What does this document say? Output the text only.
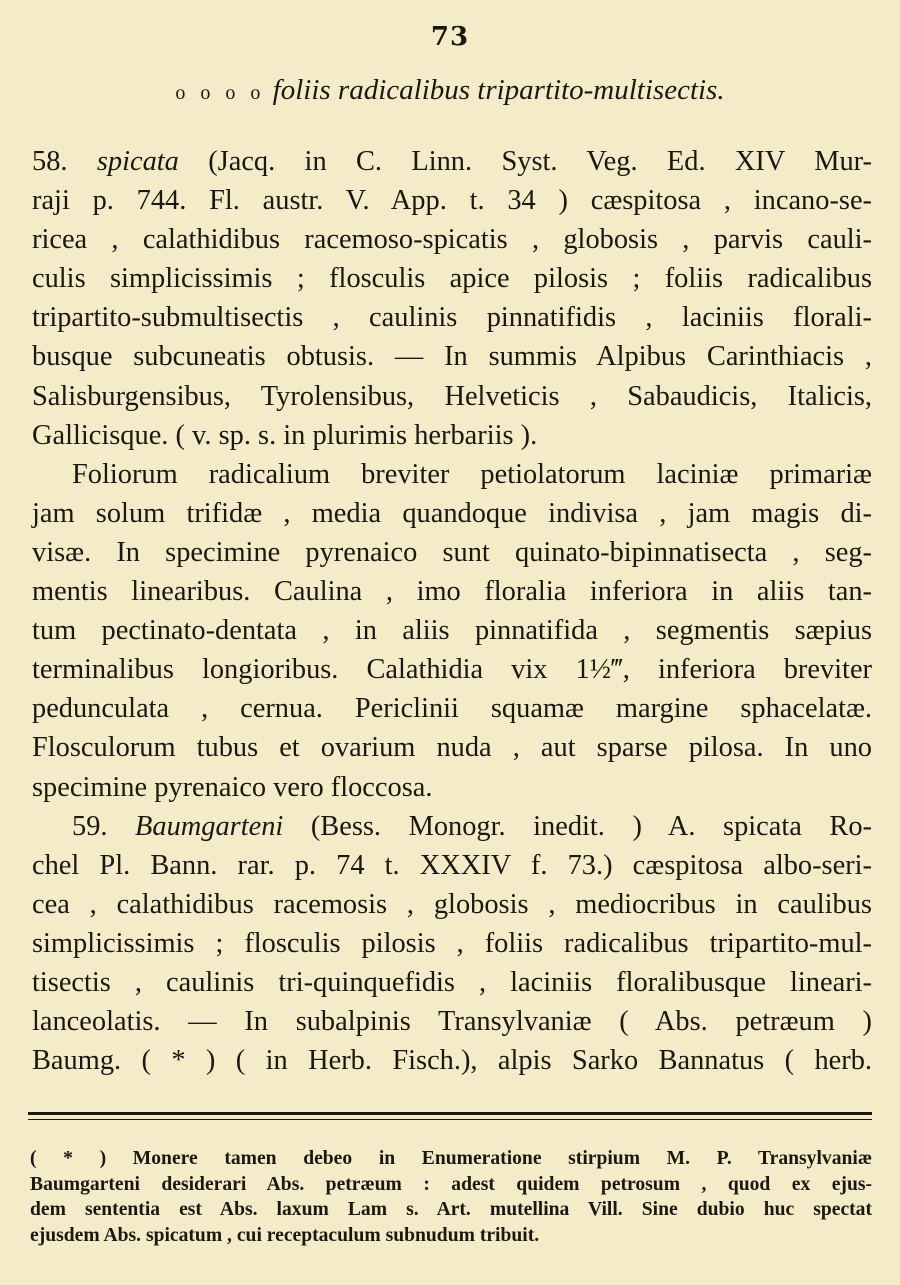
73
o o o o foliis radicalibus tripartito-multisectis.
58. spicata (Jacq. in C. Linn. Syst. Veg. Ed. XIV Mur-
raji p. 744. Fl. austr. V. App. t. 34 ) cæspitosa , incano-se-
ricea , calathidibus racemoso-spicatis , globosis , parvis cauli-
culis simplicissimis ; flosculis apice pilosis ; foliis radicalibus
tripartito-submultisectis , caulinis pinnatifidis , laciniis florali-
busque subcuneatis obtusis. — In summis Alpibus Carinthiacis ,
Salisburgensibus, Tyrolensibus, Helveticis , Sabaudicis, Italicis,
Gallicisque. ( v. sp. s. in plurimis herbariis ).
Foliorum radicalium breviter petiolatorum laciniæ primariæ
jam solum trifidæ , media quandoque indivisa , jam magis di-
visæ. In specimine pyrenaico sunt quinato-bipinnatisecta , seg-
mentis linearibus. Caulina , imo floralia inferiora in aliis tan-
tum pectinato-dentata , in aliis pinnatifida , segmentis sæpius
terminalibus longioribus. Calathidia vix 1½‴, inferiora breviter
pedunculata , cernua. Periclinii squamæ margine sphacelatæ.
Flosculorum tubus et ovarium nuda , aut sparse pilosa. In uno
specimine pyrenaico vero floccosa.
59. Baumgarteni (Bess. Monogr. inedit. ) A. spicata Ro-
chel Pl. Bann. rar. p. 74 t. XXXIV f. 73.) cæspitosa albo-seri-
cea , calathidibus racemosis , globosis , mediocribus in caulibus
simplicissimis ; flosculis pilosis , foliis radicalibus tripartito-mul-
tisectis , caulinis tri-quinquefidis , laciniis floralibusque lineari-
lanceolatis. — In subalpinis Transylvaniæ ( Abs. petræum )
Baumg. ( * ) ( in Herb. Fisch.), alpis Sarko Bannatus ( herb.
( * ) Monere tamen debeo in Enumeratione stirpium M. P. Transylvaniæ
Baumgarteni desiderari Abs. petræum : adest quidem petrosum , quod ex ejus-
dem sententia est Abs. laxum Lam s. Art. mutellina Vill. Sine dubio huc spectat
ejusdem Abs. spicatum , cui receptaculum subnudum tribuit.
